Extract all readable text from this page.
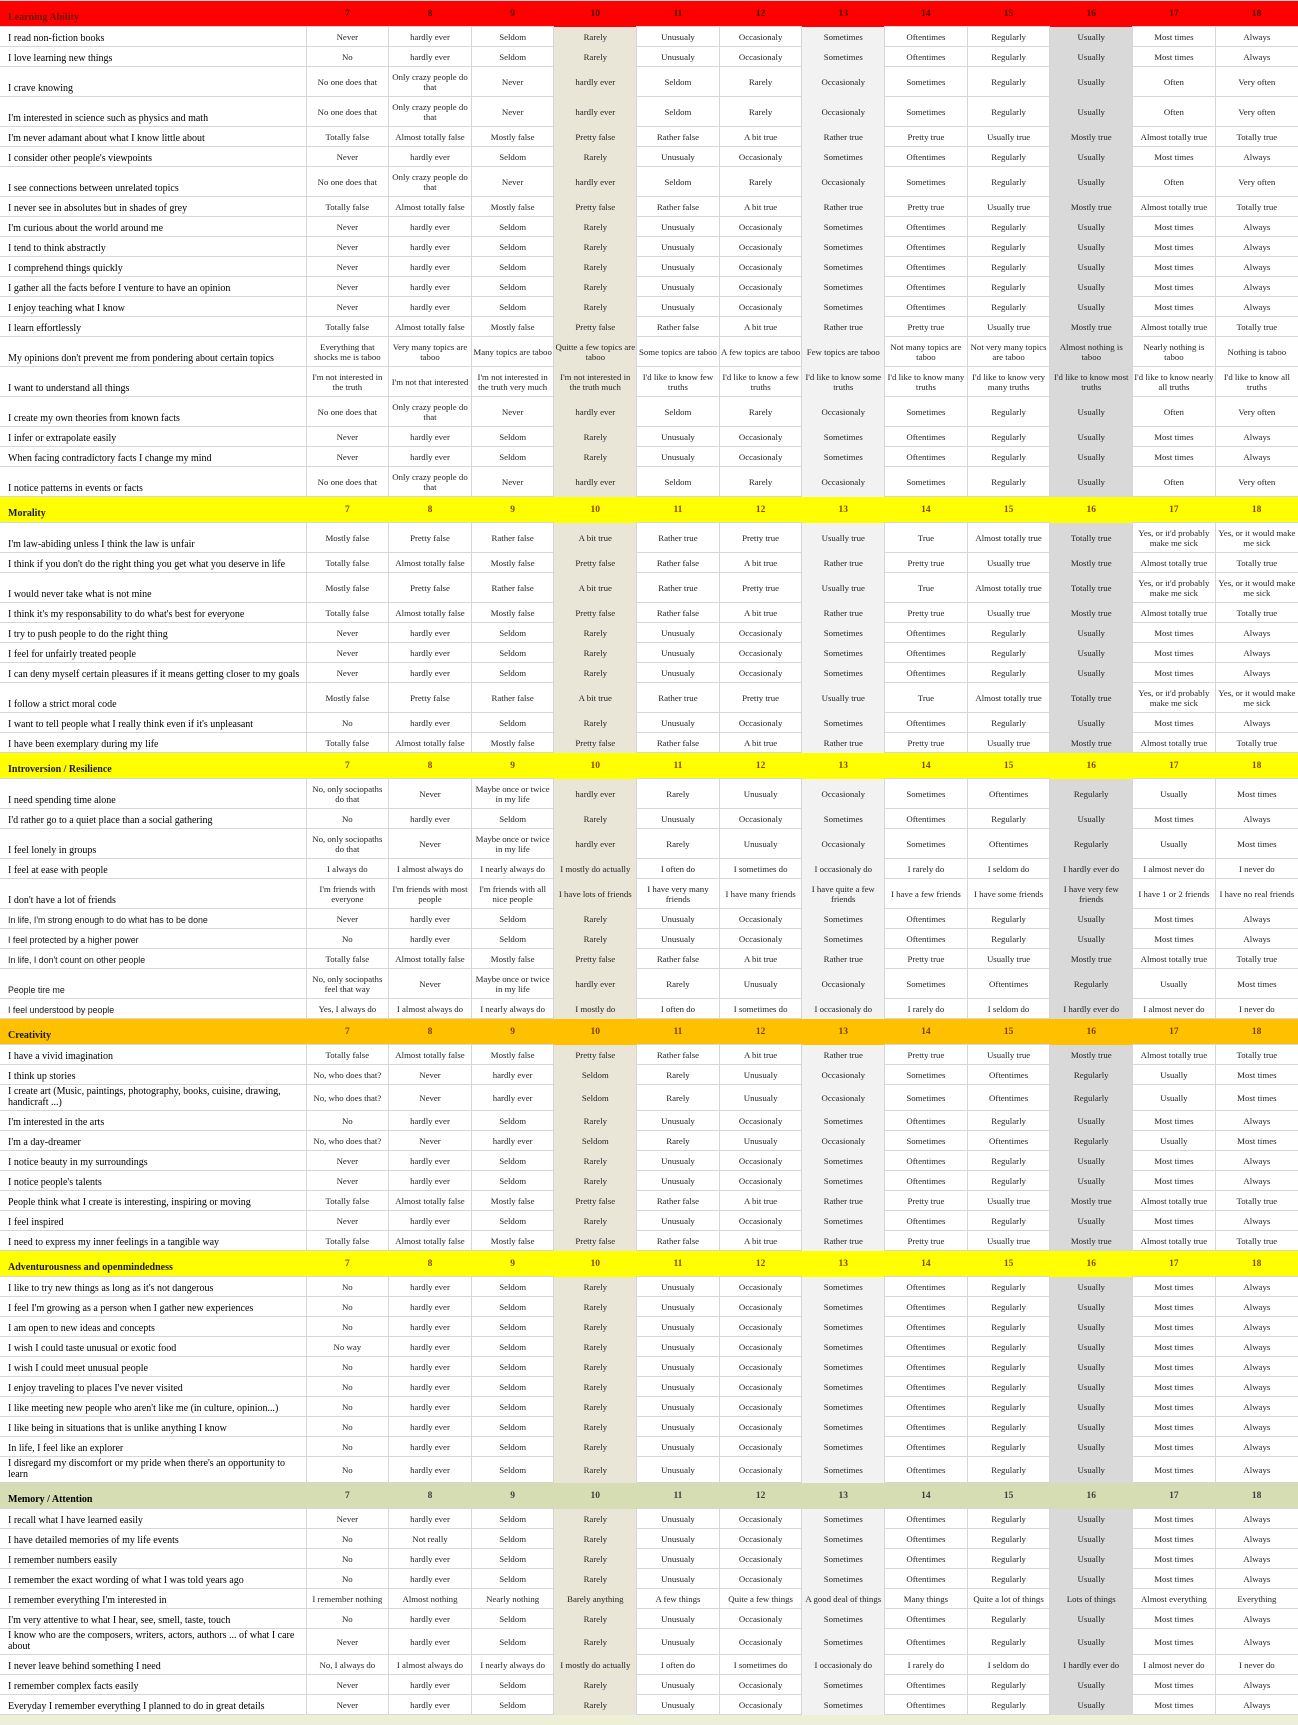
Learning Ability	7	8	9	10	11	12	13	14	15	16	17	18
I read non-fiction books	Never	hardly ever	Seldom	Rarely	Unusualy	Occasionaly	Sometimes	Oftentimes	Regularly	Usually	Most times	Always
I love learning new things	No	hardly ever	Seldom	Rarely	Unusualy	Occasionaly	Sometimes	Oftentimes	Regularly	Usually	Most times	Always
I crave knowing	No one does that	Only crazy people do that	Never	hardly ever	Seldom	Rarely	Occasionaly	Sometimes	Regularly	Usually	Often	Very often
I'm interested in science such as physics and math	No one does that	Only crazy people do that	Never	hardly ever	Seldom	Rarely	Occasionaly	Sometimes	Regularly	Usually	Often	Very often
I'm never adamant about what I know little about	Totally false	Almost totally false	Mostly false	Pretty false	Rather false	A bit true	Rather true	Pretty true	Usually true	Mostly true	Almost totally true	Totally true
I consider other people's viewpoints	Never	hardly ever	Seldom	Rarely	Unusualy	Occasionaly	Sometimes	Oftentimes	Regularly	Usually	Most times	Always
I see connections between unrelated topics	No one does that	Only crazy people do that	Never	hardly ever	Seldom	Rarely	Occasionaly	Sometimes	Regularly	Usually	Often	Very often
I never see in absolutes but in shades of grey	Totally false	Almost totally false	Mostly false	Pretty false	Rather false	A bit true	Rather true	Pretty true	Usually true	Mostly true	Almost totally true	Totally true
I'm curious about the world around me	Never	hardly ever	Seldom	Rarely	Unusualy	Occasionaly	Sometimes	Oftentimes	Regularly	Usually	Most times	Always
I tend to think abstractly	Never	hardly ever	Seldom	Rarely	Unusualy	Occasionaly	Sometimes	Oftentimes	Regularly	Usually	Most times	Always
I comprehend things quickly	Never	hardly ever	Seldom	Rarely	Unusualy	Occasionaly	Sometimes	Oftentimes	Regularly	Usually	Most times	Always
I gather all the facts before I venture to have an opinion	Never	hardly ever	Seldom	Rarely	Unusualy	Occasionaly	Sometimes	Oftentimes	Regularly	Usually	Most times	Always
I enjoy teaching what I know	Never	hardly ever	Seldom	Rarely	Unusualy	Occasionaly	Sometimes	Oftentimes	Regularly	Usually	Most times	Always
I learn effortlessly	Totally false	Almost totally false	Mostly false	Pretty false	Rather false	A bit true	Rather true	Pretty true	Usually true	Mostly true	Almost totally true	Totally true
My opinions don't prevent me from pondering about certain topics	Everything that shocks me is taboo	Very many topics are taboo	Many topics are taboo	Quitte a few topics are taboo	Some topics are taboo	A few topics are taboo	Few topics are taboo	Not many topics are taboo	Not very many topics are taboo	Almost nothing is taboo	Nearly nothing is taboo	Nothing is taboo
I want to understand all things	I'm not interested in the truth	I'm not that interested	I'm not interested in the truth very much	I'm not interested in the truth much	I'd like to know few truths	I'd like to know a few truths	I'd like to know some truths	I'd like to know many truths	I'd like to know very many truths	I'd like to know most truths	I'd like to know nearly all truths	I'd like to know all truths
I create my own theories from known facts	No one does that	Only crazy people do that	Never	hardly ever	Seldom	Rarely	Occasionaly	Sometimes	Regularly	Usually	Often	Very often
I infer or extrapolate easily	Never	hardly ever	Seldom	Rarely	Unusualy	Occasionaly	Sometimes	Oftentimes	Regularly	Usually	Most times	Always
When facing contradictory facts I change my mind	Never	hardly ever	Seldom	Rarely	Unusualy	Occasionaly	Sometimes	Oftentimes	Regularly	Usually	Most times	Always
I notice patterns in events or facts	No one does that	Only crazy people do that	Never	hardly ever	Seldom	Rarely	Occasionaly	Sometimes	Regularly	Usually	Often	Very often
Morality	7	8	9	10	11	12	13	14	15	16	17	18
I'm law-abiding unless I think the law is unfair	Mostly false	Pretty false	Rather false	A bit true	Rather true	Pretty true	Usually true	True	Almost totally true	Totally true	Yes, or it'd probably make me sick	Yes, or it would make me sick
I think if you don't do the right thing you get what you deserve in life	Totally false	Almost totally false	Mostly false	Pretty false	Rather false	A bit true	Rather true	Pretty true	Usually true	Mostly true	Almost totally true	Totally true
I would never take what is not mine	Mostly false	Pretty false	Rather false	A bit true	Rather true	Pretty true	Usually true	True	Almost totally true	Totally true	Yes, or it'd probably make me sick	Yes, or it would make me sick
I think it's my responsability to do what's best for everyone	Totally false	Almost totally false	Mostly false	Pretty false	Rather false	A bit true	Rather true	Pretty true	Usually true	Mostly true	Almost totally true	Totally true
I try to push people to do the right thing	Never	hardly ever	Seldom	Rarely	Unusualy	Occasionaly	Sometimes	Oftentimes	Regularly	Usually	Most times	Always
I feel for unfairly treated people	Never	hardly ever	Seldom	Rarely	Unusualy	Occasionaly	Sometimes	Oftentimes	Regularly	Usually	Most times	Always
I can deny myself certain pleasures if it means getting closer to my goals	Never	hardly ever	Seldom	Rarely	Unusualy	Occasionaly	Sometimes	Oftentimes	Regularly	Usually	Most times	Always
I follow a strict moral code	Mostly false	Pretty false	Rather false	A bit true	Rather true	Pretty true	Usually true	True	Almost totally true	Totally true	Yes, or it'd probably make me sick	Yes, or it would make me sick
I want to tell people what I really think even if it's unpleasant	No	hardly ever	Seldom	Rarely	Unusualy	Occasionaly	Sometimes	Oftentimes	Regularly	Usually	Most times	Always
I have been exemplary during my life	Totally false	Almost totally false	Mostly false	Pretty false	Rather false	A bit true	Rather true	Pretty true	Usually true	Mostly true	Almost totally true	Totally true
Introversion / Resilience	7	8	9	10	11	12	13	14	15	16	17	18
I need spending time alone	No, only sociopaths do that	Never	Maybe once or twice in my life	hardly ever	Rarely	Unusualy	Occasionaly	Sometimes	Oftentimes	Regularly	Usually	Most times
I'd rather go to a quiet place than a social gathering	No	hardly ever	Seldom	Rarely	Unusualy	Occasionaly	Sometimes	Oftentimes	Regularly	Usually	Most times	Always
I feel lonely in groups	No, only sociopaths do that	Never	Maybe once or twice in my life	hardly ever	Rarely	Unusualy	Occasionaly	Sometimes	Oftentimes	Regularly	Usually	Most times
I feel at ease with people	I always do	I almost always do	I nearly always do	I mostly do actually	I often do	I sometimes do	I occasionaly do	I rarely do	I seldom do	I hardly ever do	I almost never do	I never do
I don't have a lot of friends	I'm friends with everyone	I'm friends with most people	I'm friends with all nice people	I have lots of friends	I have very many friends	I have many friends	I have quite a few friends	I have a few friends	I have some friends	I have very few friends	I have 1 or 2 friends	I have no real friends
In life, I'm strong enough to do what has to be done	Never	hardly ever	Seldom	Rarely	Unusualy	Occasionaly	Sometimes	Oftentimes	Regularly	Usually	Most times	Always
I feel protected by a higher power	No	hardly ever	Seldom	Rarely	Unusualy	Occasionaly	Sometimes	Oftentimes	Regularly	Usually	Most times	Always
In life, I don't count on other people	Totally false	Almost totally false	Mostly false	Pretty false	Rather false	A bit true	Rather true	Pretty true	Usually true	Mostly true	Almost totally true	Totally true
People tire me	No, only sociopaths feel that way	Never	Maybe once or twice in my life	hardly ever	Rarely	Unusualy	Occasionaly	Sometimes	Oftentimes	Regularly	Usually	Most times
I feel understood by people	Yes, I always do	I almost always do	I nearly always do	I mostly do	I often do	I sometimes do	I occasionaly do	I rarely do	I seldom do	I hardly ever do	I almost never do	I never do
Creativity	7	8	9	10	11	12	13	14	15	16	17	18
I have a vivid imagination	Totally false	Almost totally false	Mostly false	Pretty false	Rather false	A bit true	Rather true	Pretty true	Usually true	Mostly true	Almost totally true	Totally true
I think up stories	No, who does that?	Never	hardly ever	Seldom	Rarely	Unusualy	Occasionaly	Sometimes	Oftentimes	Regularly	Usually	Most times
I create art (Music, paintings, photography, books, cuisine, drawing, handicraft ...)	No, who does that?	Never	hardly ever	Seldom	Rarely	Unusualy	Occasionaly	Sometimes	Oftentimes	Regularly	Usually	Most times
I'm interested in the arts	No	hardly ever	Seldom	Rarely	Unusualy	Occasionaly	Sometimes	Oftentimes	Regularly	Usually	Most times	Always
I'm a day-dreamer	No, who does that?	Never	hardly ever	Seldom	Rarely	Unusualy	Occasionaly	Sometimes	Oftentimes	Regularly	Usually	Most times
I notice beauty in my surroundings	Never	hardly ever	Seldom	Rarely	Unusualy	Occasionaly	Sometimes	Oftentimes	Regularly	Usually	Most times	Always
I notice people's talents	Never	hardly ever	Seldom	Rarely	Unusualy	Occasionaly	Sometimes	Oftentimes	Regularly	Usually	Most times	Always
People think what I create is interesting, inspiring or moving	Totally false	Almost totally false	Mostly false	Pretty false	Rather false	A bit true	Rather true	Pretty true	Usually true	Mostly true	Almost totally true	Totally true
I feel inspired	Never	hardly ever	Seldom	Rarely	Unusualy	Occasionaly	Sometimes	Oftentimes	Regularly	Usually	Most times	Always
I need to express my inner feelings in a tangible way	Totally false	Almost totally false	Mostly false	Pretty false	Rather false	A bit true	Rather true	Pretty true	Usually true	Mostly true	Almost totally true	Totally true
Adventurousness and openmindedness	7	8	9	10	11	12	13	14	15	16	17	18
I like to try new things as long as it's not dangerous	No	hardly ever	Seldom	Rarely	Unusualy	Occasionaly	Sometimes	Oftentimes	Regularly	Usually	Most times	Always
I feel I'm growing as a person when I gather new experiences	No	hardly ever	Seldom	Rarely	Unusualy	Occasionaly	Sometimes	Oftentimes	Regularly	Usually	Most times	Always
I am open to new ideas and concepts	No	hardly ever	Seldom	Rarely	Unusualy	Occasionaly	Sometimes	Oftentimes	Regularly	Usually	Most times	Always
I wish I could taste unusual or exotic food	No way	hardly ever	Seldom	Rarely	Unusualy	Occasionaly	Sometimes	Oftentimes	Regularly	Usually	Most times	Always
I wish I could meet unusual people	No	hardly ever	Seldom	Rarely	Unusualy	Occasionaly	Sometimes	Oftentimes	Regularly	Usually	Most times	Always
I enjoy traveling to places I've never visited	No	hardly ever	Seldom	Rarely	Unusualy	Occasionaly	Sometimes	Oftentimes	Regularly	Usually	Most times	Always
I like meeting new people who aren't like me (in culture, opinion...)	No	hardly ever	Seldom	Rarely	Unusualy	Occasionaly	Sometimes	Oftentimes	Regularly	Usually	Most times	Always
I like being in situations that is unlike anything I know	No	hardly ever	Seldom	Rarely	Unusualy	Occasionaly	Sometimes	Oftentimes	Regularly	Usually	Most times	Always
In life, I feel like an explorer	No	hardly ever	Seldom	Rarely	Unusualy	Occasionaly	Sometimes	Oftentimes	Regularly	Usually	Most times	Always
I disregard my discomfort or my pride when there's an opportunity to learn	No	hardly ever	Seldom	Rarely	Unusualy	Occasionaly	Sometimes	Oftentimes	Regularly	Usually	Most times	Always
Memory / Attention	7	8	9	10	11	12	13	14	15	16	17	18
I recall what I have learned easily	Never	hardly ever	Seldom	Rarely	Unusualy	Occasionaly	Sometimes	Oftentimes	Regularly	Usually	Most times	Always
I have detailed memories of my life events	No	Not really	Seldom	Rarely	Unusualy	Occasionaly	Sometimes	Oftentimes	Regularly	Usually	Most times	Always
I remember numbers easily	No	hardly ever	Seldom	Rarely	Unusualy	Occasionaly	Sometimes	Oftentimes	Regularly	Usually	Most times	Always
I remember the exact wording of what I was told years ago	No	hardly ever	Seldom	Rarely	Unusualy	Occasionaly	Sometimes	Oftentimes	Regularly	Usually	Most times	Always
I remember everything I'm interested in	I remember nothing	Almost nothing	Nearly nothing	Barely anything	A few things	Quite a few things	A good deal of things	Many things	Quite a lot of things	Lots of things	Almost everything	Everything
I'm very attentive to what I hear, see, smell, taste, touch	No	hardly ever	Seldom	Rarely	Unusualy	Occasionaly	Sometimes	Oftentimes	Regularly	Usually	Most times	Always
I know who are the composers, writers, actors, authors ... of what I care about	Never	hardly ever	Seldom	Rarely	Unusualy	Occasionaly	Sometimes	Oftentimes	Regularly	Usually	Most times	Always
I never leave behind something I need	No, I always do	I almost always do	I nearly always do	I mostly do actually	I often do	I sometimes do	I occasionaly do	I rarely do	I seldom do	I hardly ever do	I almost never do	I never do
I remember complex facts easily	Never	hardly ever	Seldom	Rarely	Unusualy	Occasionaly	Sometimes	Oftentimes	Regularly	Usually	Most times	Always
Everyday I remember everything I planned to do in great details	Never	hardly ever	Seldom	Rarely	Unusualy	Occasionaly	Sometimes	Oftentimes	Regularly	Usually	Most times	Always
